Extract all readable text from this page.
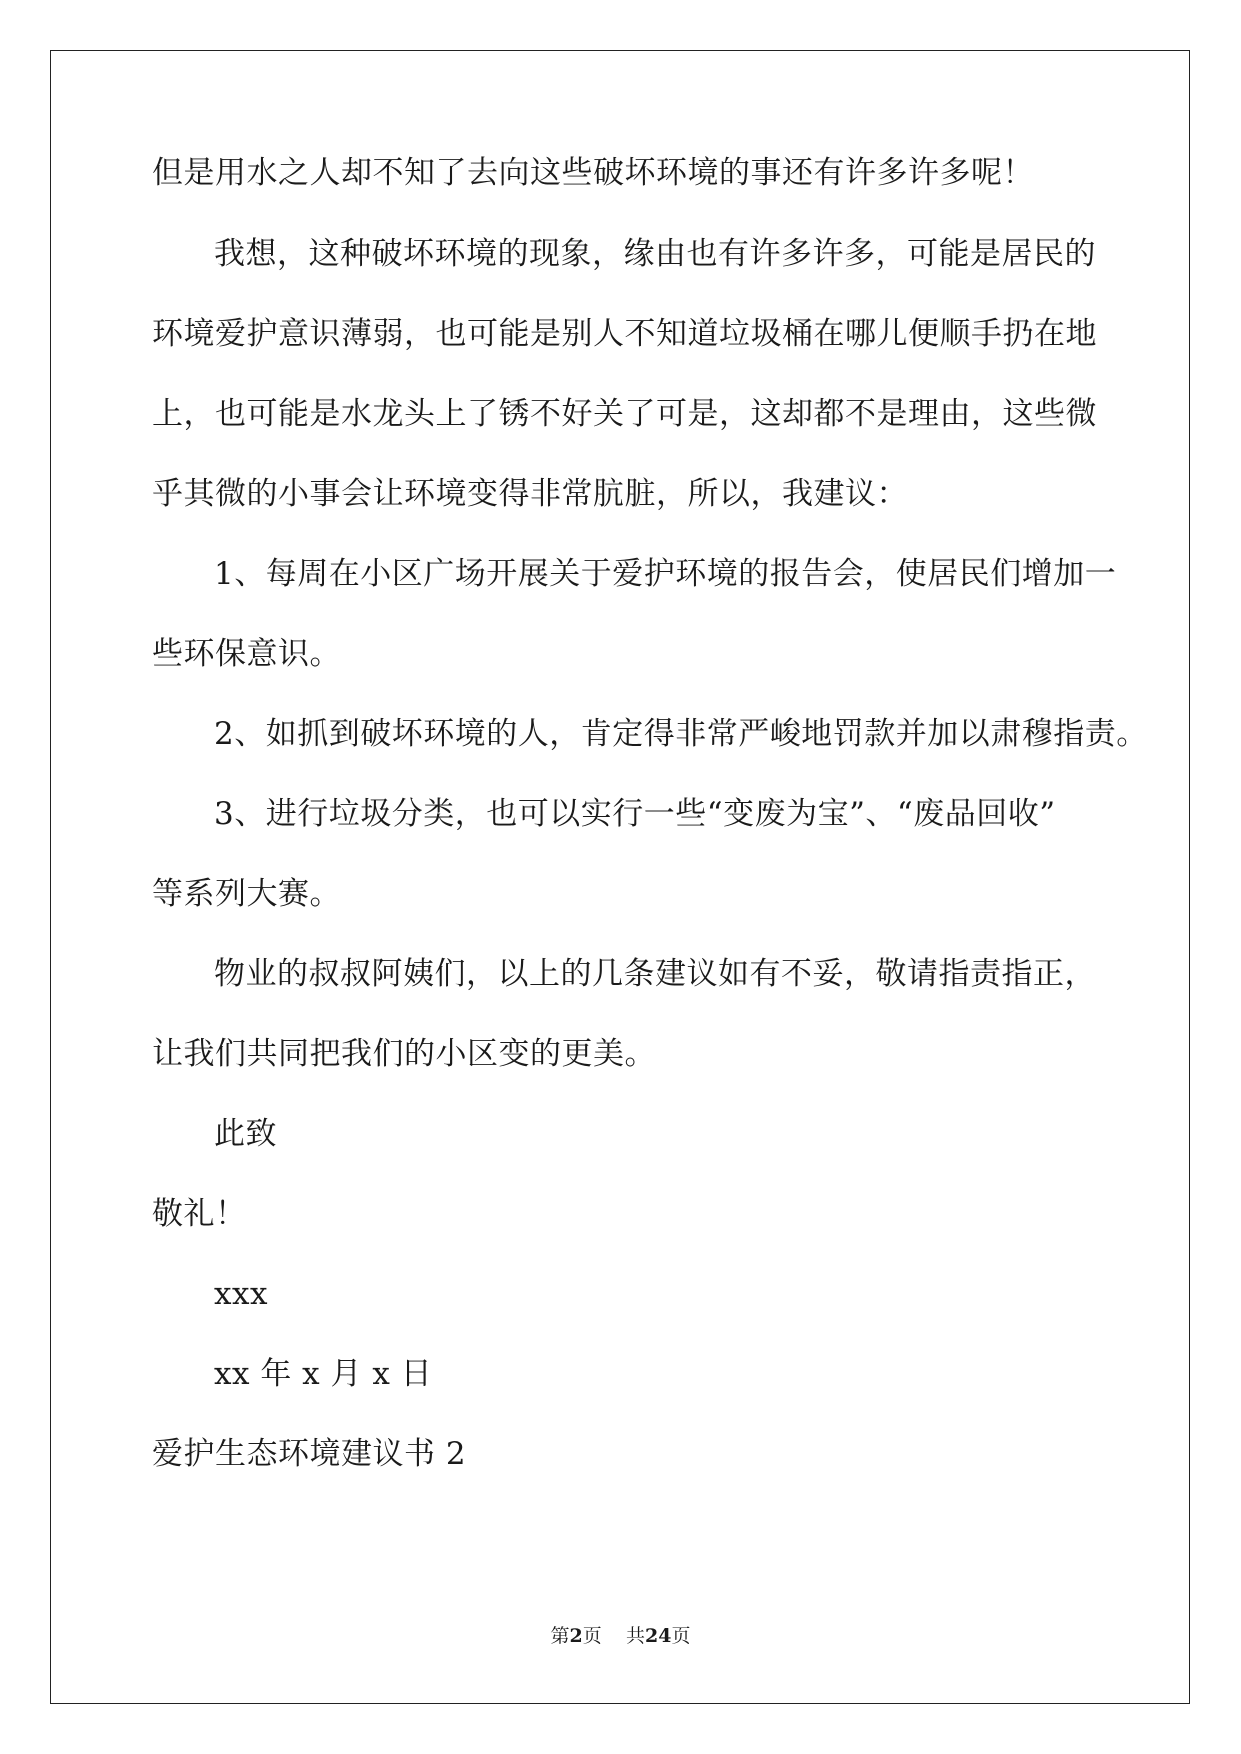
但是用水之人却不知了去向这些破坏环境的事还有许多许多呢！
我想，这种破坏环境的现象，缘由也有许多许多，可能是居民的
环境爱护意识薄弱，也可能是别人不知道垃圾桶在哪儿便顺手扔在地
上，也可能是水龙头上了锈不好关了可是，这却都不是理由，这些微
乎其微的小事会让环境变得非常肮脏，所以，我建议：
1、每周在小区广场开展关于爱护环境的报告会，使居民们增加一
些环保意识。
2、如抓到破坏环境的人，肯定得非常严峻地罚款并加以肃穆指责。
3、进行垃圾分类，也可以实行一些“变废为宝”、“废品回收”
等系列大赛。
物业的叔叔阿姨们，以上的几条建议如有不妥，敬请指责指正，
让我们共同把我们的小区变的更美。
此致
敬礼！
xxx
xx 年 x 月 x 日
爱护生态环境建议书 2
第2页 共24页
